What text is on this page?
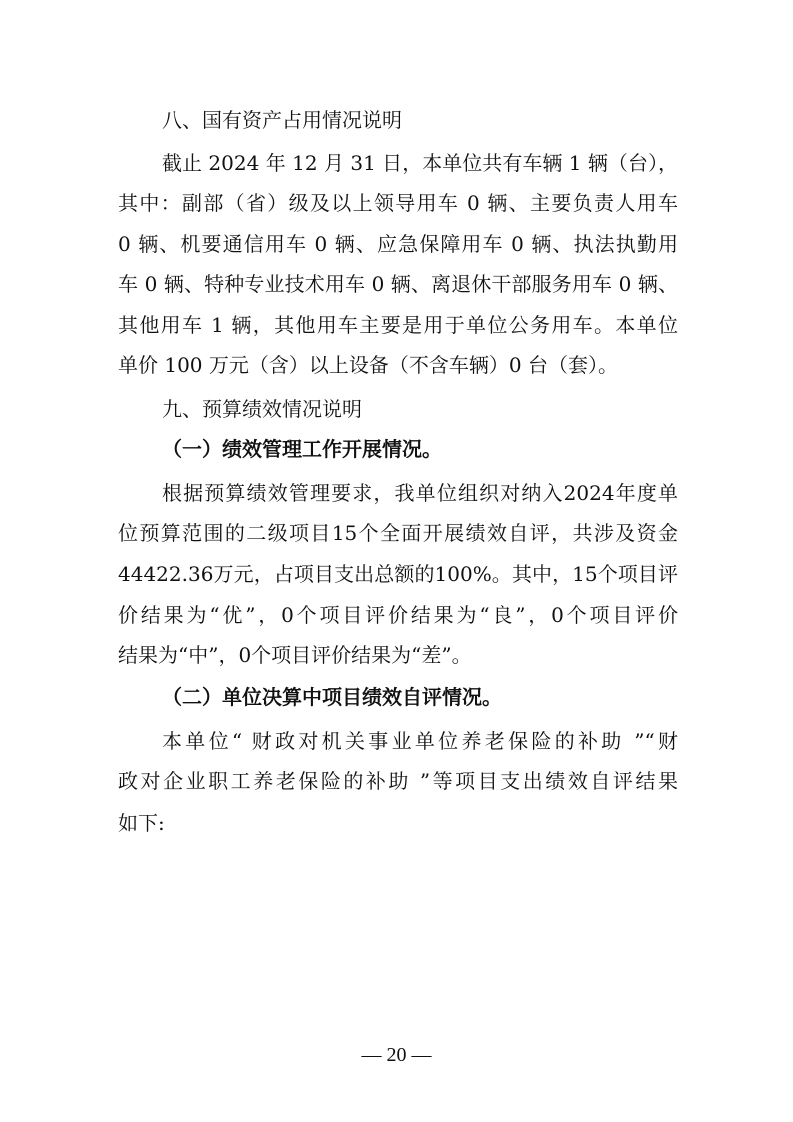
八、国有资产占用情况说明
截止 2024 年 12 月 31 日，本单位共有车辆 1 辆（台），
其中：副部（省）级及以上领导用车 0 辆、主要负责人用车
0 辆、机要通信用车 0 辆、应急保障用车 0 辆、执法执勤用
车 0 辆、特种专业技术用车 0 辆、离退休干部服务用车 0 辆、
其他用车 1 辆，其他用车主要是用于单位公务用车。本单位
单价 100 万元（含）以上设备（不含车辆）0 台（套）。
九、预算绩效情况说明
（一）绩效管理工作开展情况。
根据预算绩效管理要求，我单位组织对纳入2024年度单
位预算范围的二级项目15个全面开展绩效自评，共涉及资金
44422.36万元，占项目支出总额的100%。其中，15个项目评
价结果为“优”，0个项目评价结果为“良”，0个项目评价
结果为“中”，0个项目评价结果为“差”。
（二）单位决算中项目绩效自评情况。
本单位“ 财政对机关事业单位养老保险的补助 ”“财
政对企业职工养老保险的补助 ”等项目支出绩效自评结果
如下:
— 20 —
